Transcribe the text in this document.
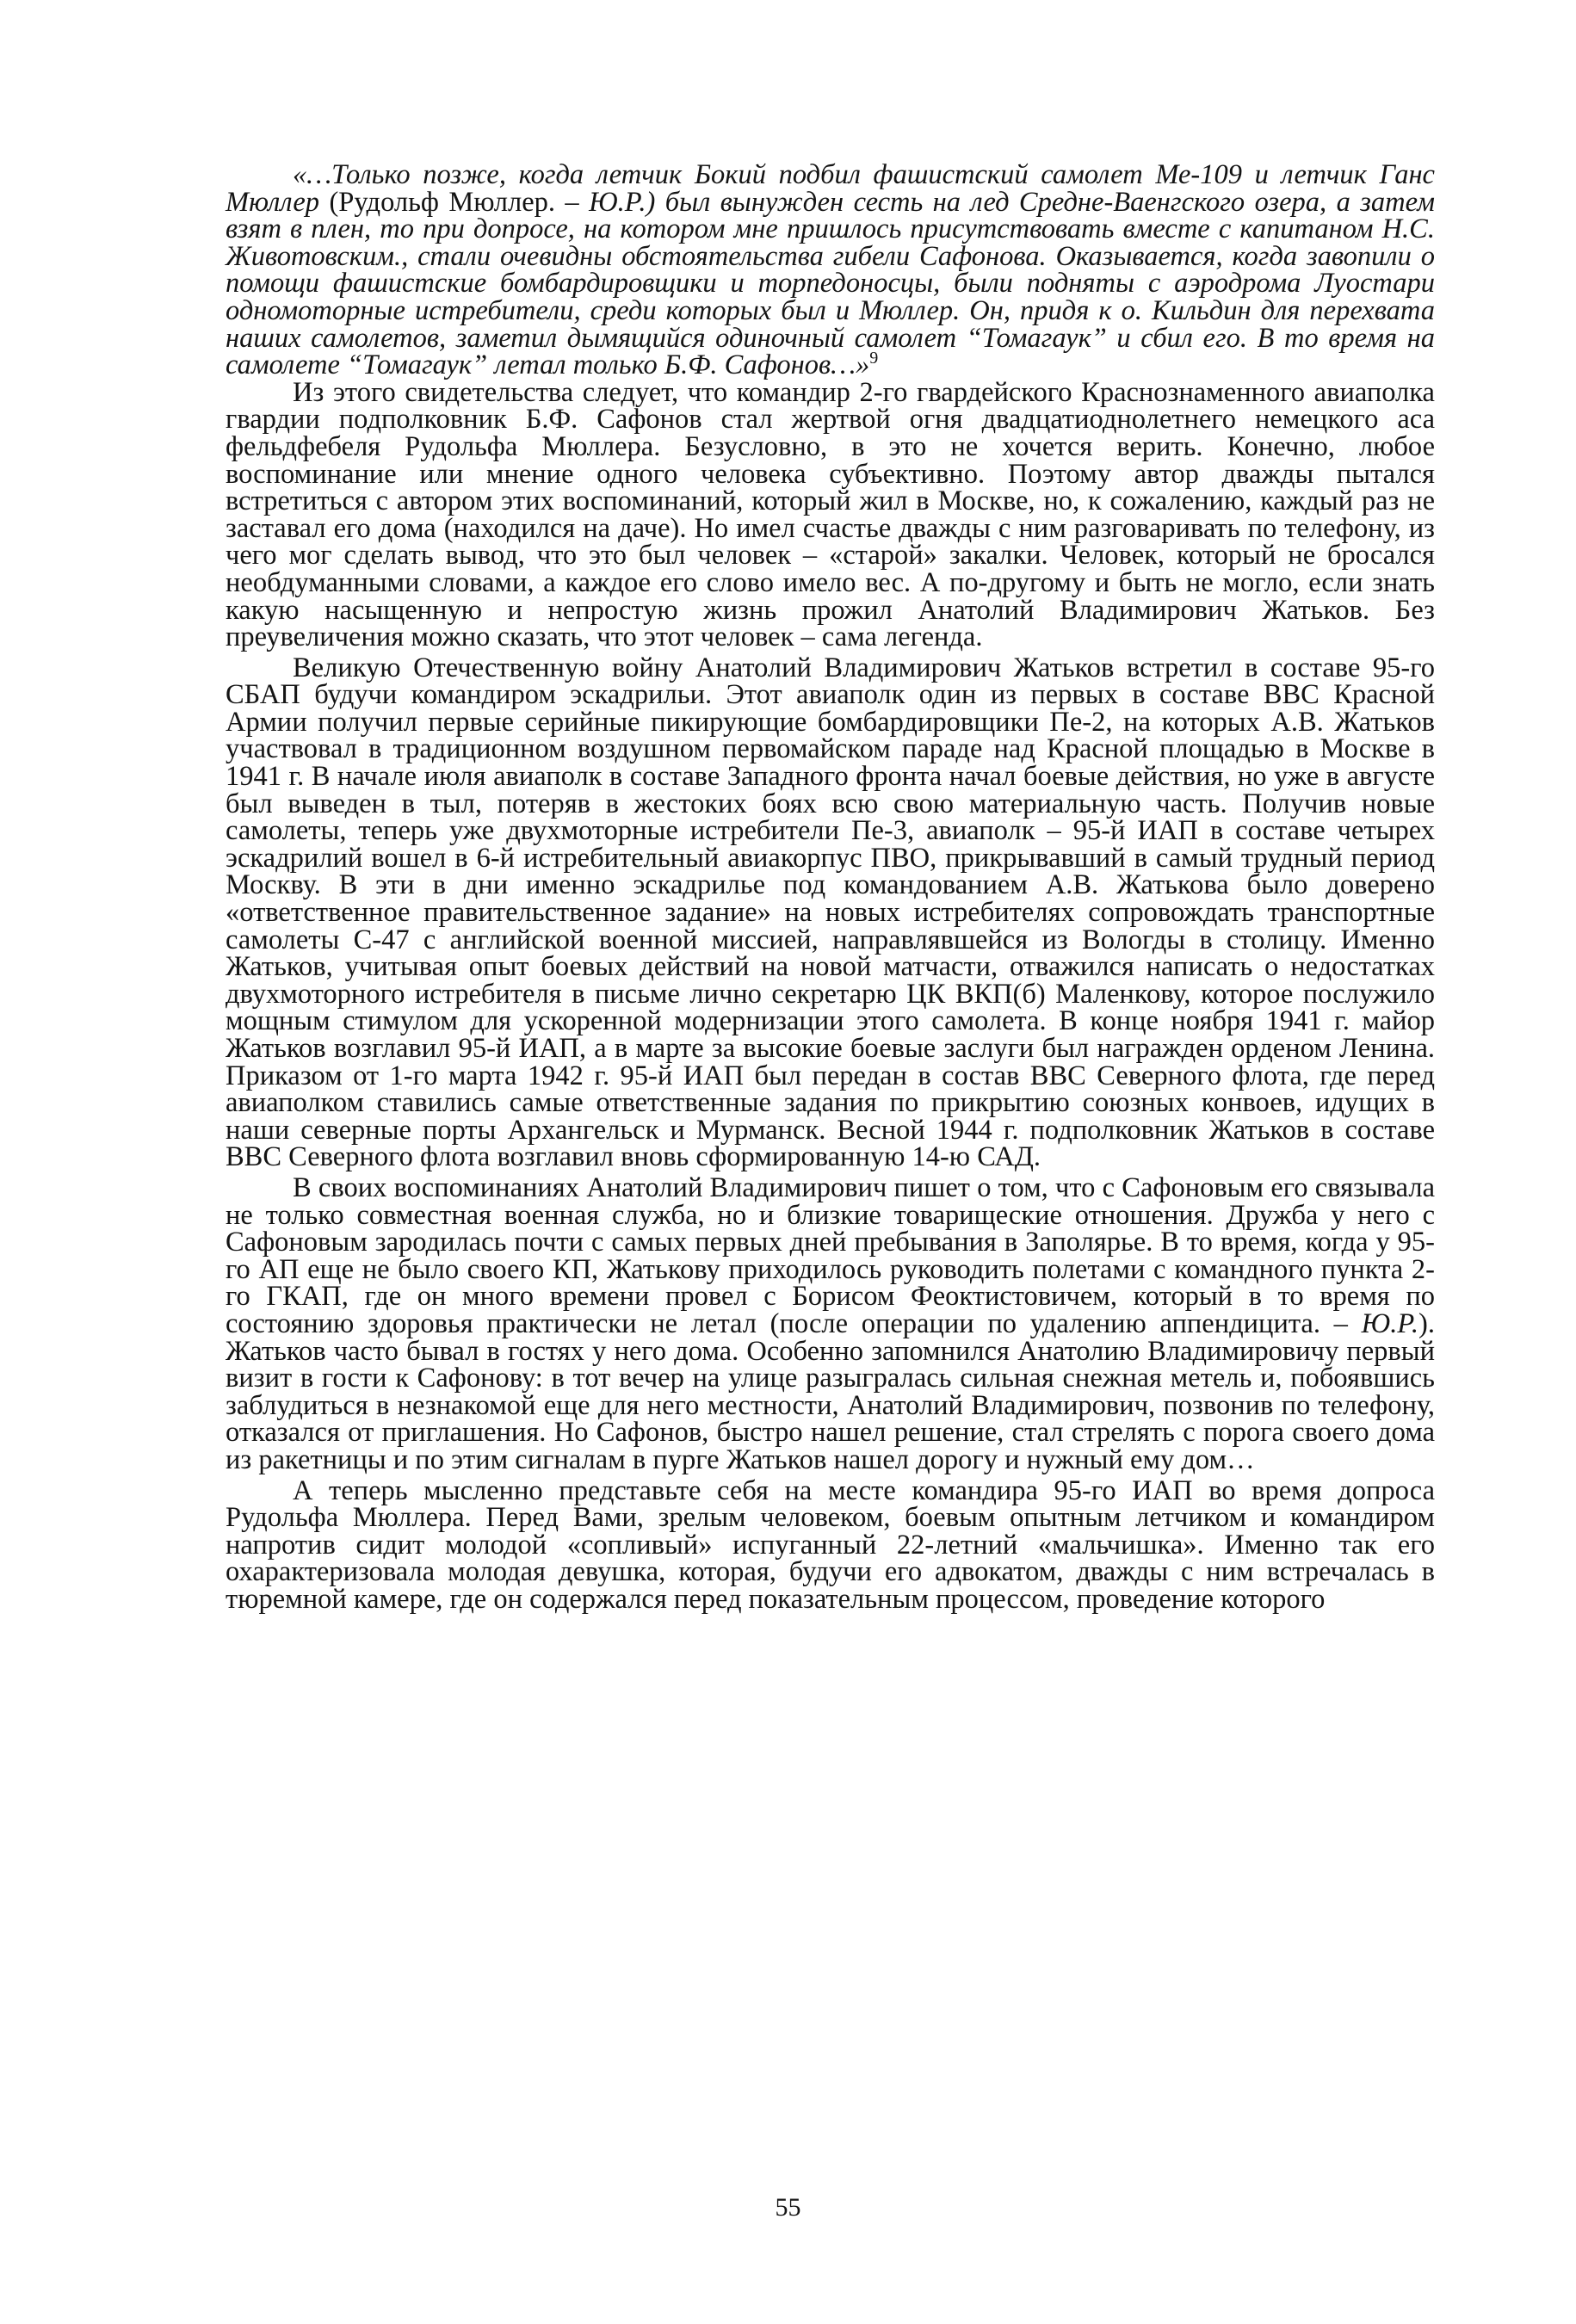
«…Только позже, когда летчик Бокий подбил фашистский самолет Ме-109 и летчик Ганс Мюллер (Рудольф Мюллер. – Ю.Р.) был вынужден сесть на лед Средне-Ваенгского озера, а затем взят в плен, то при допросе, на котором мне пришлось присутствовать вместе с капитаном Н.С. Животовским., стали очевидны обстоятельства гибели Сафонова. Оказывается, когда завопили о помощи фашистские бомбардировщики и торпедоносцы, были подняты с аэродрома Луостари одномоторные истребители, среди которых был и Мюллер. Он, придя к о. Кильдин для перехвата наших самолетов, заметил дымящийся одиночный самолет “Томагаук” и сбил его. В то время на самолете “Томагаук” летал только Б.Ф. Сафонов…»$^9$

Из этого свидетельства следует, что командир 2-го гвардейского Краснознаменного авиаполка гвардии подполковник Б.Ф. Сафонов стал жертвой огня двадцатиоднолетнего немецкого аса фельдфебеля Рудольфа Мюллера. Безусловно, в это не хочется верить. Конечно, любое воспоминание или мнение одного человека субъективно. Поэтому автор дважды пытался встретиться с автором этих воспоминаний, который жил в Москве, но, к сожалению, каждый раз не заставал его дома (находился на даче). Но имел счастье дважды с ним разговаривать по телефону, из чего мог сделать вывод, что это был человек – «старой» закалки. Человек, который не бросался необдуманными словами, а каждое его слово имело вес. А по-другому и быть не могло, если знать какую насыщенную и непростую жизнь прожил Анатолий Владимирович Жатьков. Без преувеличения можно сказать, что этот человек – сама легенда.

Великую Отечественную войну Анатолий Владимирович Жатьков встретил в составе 95-го СБАП будучи командиром эскадрильи. Этот авиаполк один из первых в составе ВВС Красной Армии получил первые серийные пикирующие бомбардировщики Пе-2, на которых А.В. Жатьков участвовал в традиционном воздушном первомайском параде над Красной площадью в Москве в 1941 г. В начале июля авиаполк в составе Западного фронта начал боевые действия, но уже в августе был выведен в тыл, потеряв в жестоких боях всю свою материальную часть. Получив новые самолеты, теперь уже двухмоторные истребители Пе-3, авиаполк – 95-й ИАП в составе четырех эскадрилий вошел в 6-й истребительный авиакорпус ПВО, прикрывавший в самый трудный период Москву. В эти в дни именно эскадрилье под командованием А.В. Жатькова было доверено «ответственное правительственное задание» на новых истребителях сопровождать транспортные самолеты С-47 с английской военной миссией, направлявшейся из Вологды в столицу. Именно Жатьков, учитывая опыт боевых действий на новой матчасти, отважился написать о недостатках двухмоторного истребителя в письме лично секретарю ЦК ВКП(б) Маленкову, которое послужило мощным стимулом для ускоренной модернизации этого самолета. В конце ноября 1941 г. майор Жатьков возглавил 95-й ИАП, а в марте за высокие боевые заслуги был награжден орденом Ленина. Приказом от 1-го марта 1942 г. 95-й ИАП был передан в состав ВВС Северного флота, где перед авиаполком ставились самые ответственные задания по прикрытию союзных конвоев, идущих в наши северные порты Архангельск и Мурманск. Весной 1944 г. подполковник Жатьков в составе ВВС Северного флота возглавил вновь сформированную 14-ю САД.

В своих воспоминаниях Анатолий Владимирович пишет о том, что с Сафоновым его связывала не только совместная военная служба, но и близкие товарищеские отношения. Дружба у него с Сафоновым зародилась почти с самых первых дней пребывания в Заполярье. В то время, когда у 95-го АП еще не было своего КП, Жатькову приходилось руководить полетами с командного пункта 2-го ГКАП, где он много времени провел с Борисом Феоктистовичем, который в то время по состоянию здоровья практически не летал (после операции по удалению аппендицита. – Ю.Р.). Жатьков часто бывал в гостях у него дома. Особенно запомнился Анатолию Владимировичу первый визит в гости к Сафонову: в тот вечер на улице разыгралась сильная снежная метель и, побоявшись заблудиться в незнакомой еще для него местности, Анатолий Владимирович, позвонив по телефону, отказался от приглашения. Но Сафонов, быстро нашел решение, стал стрелять с порога своего дома из ракетницы и по этим сигналам в пурге Жатьков нашел дорогу и нужный ему дом…

А теперь мысленно представьте себя на месте командира 95-го ИАП во время допроса Рудольфа Мюллера. Перед Вами, зрелым человеком, боевым опытным летчиком и командиром напротив сидит молодой «сопливый» испуганный 22-летний «мальчишка». Именно так его охарактеризовала молодая девушка, которая, будучи его адвокатом, дважды с ним встречалась в тюремной камере, где он содержался перед показательным процессом, проведение которого

55
